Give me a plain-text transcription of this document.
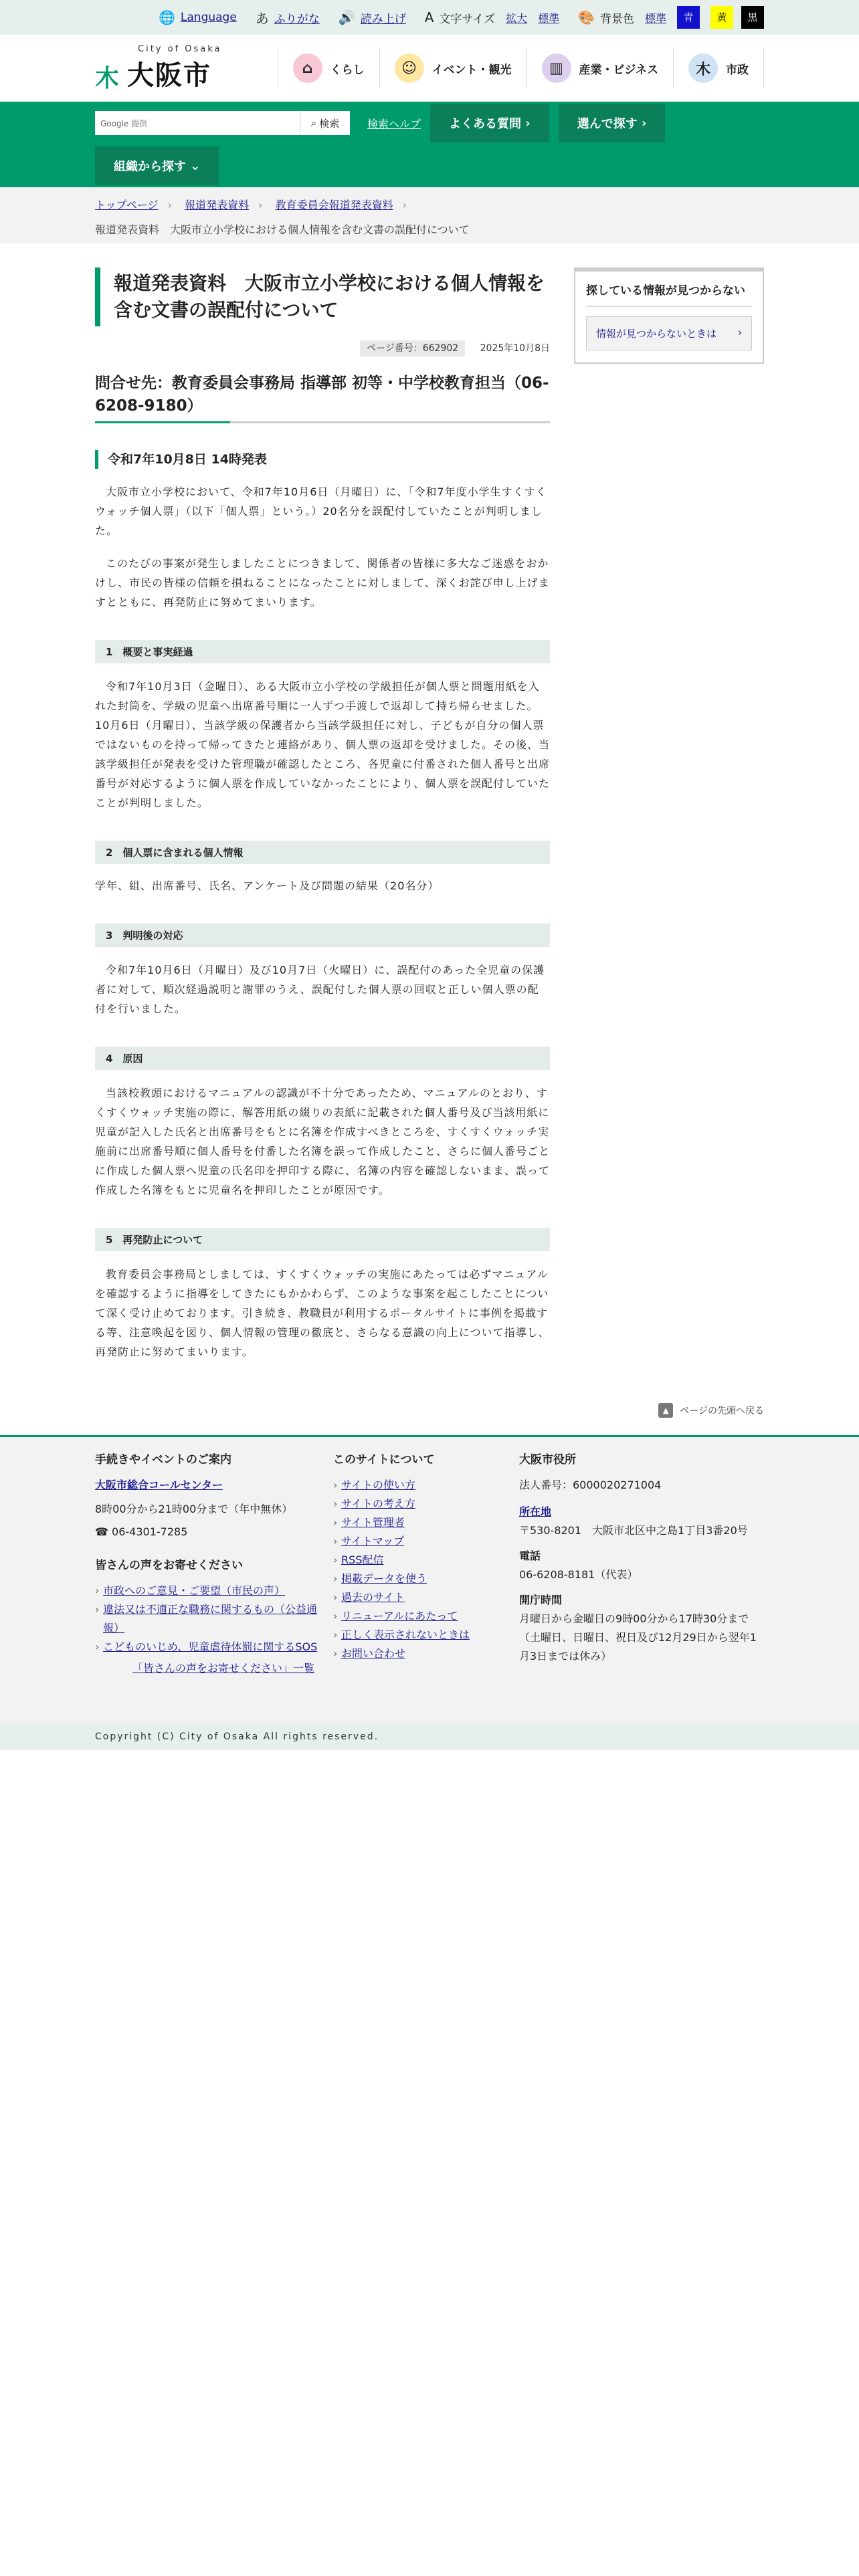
🌐 Language あ ふりがな 🔊 読み上げ A 文字サイズ 拡大 標準 🎨 背景色 標準	青	黄	黒
⽊
City of Osaka
大阪市	⌂	くらし	☺	イベント・観光	▥	産業・ビジネス	⽊	市政
Google 提供	⌕ 検索	検索ヘルプ よくある質問
›	選んで探す
›
組織から探す
⌄
トップページ › 報道発表資料 › 教育委員会報道発表資料 ›
報道発表資料　大阪市立小学校における個人情報を含む文書の誤配付について
報道発表資料　大阪市立小学校における個人情報を含む文書の誤配付について
ページ番号：662902 2025年10月8日
問合せ先：教育委員会事務局 指導部 初等・中学校教育担当（06-6208-9180）
令和7年10月8日 14時発表

大阪市立小学校において、令和7年10月6日（月曜日）に、「令和7年度小学生すくすくウォッチ個人票」（以下「個人票」という。）20名分を誤配付していたことが判明しました。

このたびの事案が発生しましたことにつきまして、関係者の皆様に多大なご迷惑をおかけし、市民の皆様の信頼を損ねることになったことに対しまして、深くお詫び申し上げますとともに、再発防止に努めてまいります。

1　概要と事実経過

令和7年10月3日（金曜日）、ある大阪市立小学校の学級担任が個人票と問題用紙を入れた封筒を、学級の児童へ出席番号順に一人ずつ手渡しで返却して持ち帰らせました。10月6日（月曜日）、当該学級の保護者から当該学級担任に対し、子どもが自分の個人票ではないものを持って帰ってきたと連絡があり、個人票の返却を受けました。その後、当該学級担任が発表を受けた管理職が確認したところ、各児童に付番された個人番号と出席番号が対応するように個人票を作成していなかったことにより、個人票を誤配付していたことが判明しました。

2　個人票に含まれる個人情報

学年、組、出席番号、氏名、アンケート及び問題の結果（20名分）

3　判明後の対応

令和7年10月6日（月曜日）及び10月7日（火曜日）に、誤配付のあった全児童の保護者に対して、順次経過説明と謝罪のうえ、誤配付した個人票の回収と正しい個人票の配付を行いました。

4　原因

当該校教頭におけるマニュアルの認識が不十分であったため、マニュアルのとおり、すくすくウォッチ実施の際に、解答用紙の綴りの表紙に記載された個人番号及び当該用紙に児童が記入した氏名と出席番号をもとに名簿を作成すべきところを、すくすくウォッチ実施前に出席番号順に個人番号を付番した名簿を誤って作成したこと、さらに個人番号ごとに作成した個人票へ児童の氏名印を押印する際に、名簿の内容を確認しないまま、誤って作成した名簿をもとに児童名を押印したことが原因です。

5　再発防止について

教育委員会事務局としましては、すくすくウォッチの実施にあたっては必ずマニュアルを確認するように指導をしてきたにもかかわらず、このような事案を起こしたことについて深く受け止めております。引き続き、教職員が利用するポータルサイトに事例を掲載する等、注意喚起を図り、個人情報の管理の徹底と、さらなる意識の向上について指導し、再発防止に努めてまいります。

探している情報が見つからない
情報が見つからないときは ›
▲	ページの先頭へ戻る
手続きやイベントのご案内
大阪市総合コールセンター
8時00分から21時00分まで（年中無休）
☎ 06-4301-7285
皆さんの声をお寄せください
› 市政へのご意見・ご要望（市民の声）
› 違法又は不適正な職務に関するもの（公益通報）
› こどものいじめ、児童虐待体罰に関するSOS
「皆さんの声をお寄せください」一覧
このサイトについて
› サイトの使い方
› サイトの考え方
› サイト管理者
› サイトマップ
› RSS配信
› 掲載データを使う
› 過去のサイト
› リニューアルにあたって
› 正しく表示されないときは
› お問い合わせ
大阪市役所
法人番号：6000020271004
所在地
〒530-8201　大阪市北区中之島1丁目3番20号
電話
06-6208-8181（代表）
開庁時間
月曜日から金曜日の9時00分から17時30分まで
（土曜日、日曜日、祝日及び12月29日から翌年1月3日までは休み）
Copyright (C) City of Osaka All rights reserved.
